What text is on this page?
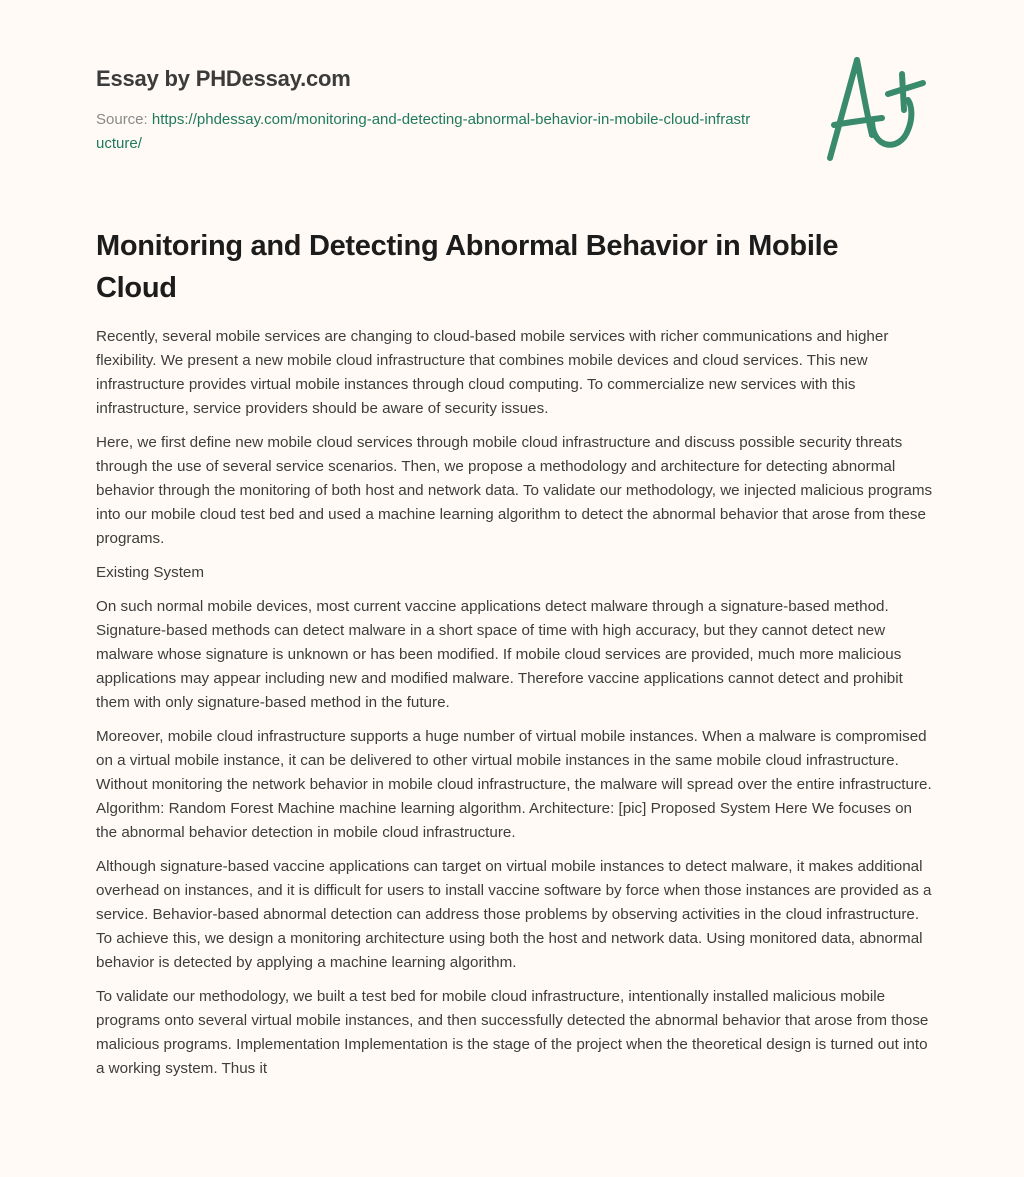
Essay by PHDessay.com
Source: https://phdessay.com/monitoring-and-detecting-abnormal-behavior-in-mobile-cloud-infrastructure/
Monitoring and Detecting Abnormal Behavior in Mobile Cloud

Recently, several mobile services are changing to cloud-based mobile services with richer communications and higher flexibility. We present a new mobile cloud infrastructure that combines mobile devices and cloud services. This new infrastructure provides virtual mobile instances through cloud computing. To commercialize new services with this infrastructure, service providers should be aware of security issues.

Here, we first define new mobile cloud services through mobile cloud infrastructure and discuss possible security threats through the use of several service scenarios. Then, we propose a methodology and architecture for detecting abnormal behavior through the monitoring of both host and network data. To validate our methodology, we injected malicious programs into our mobile cloud test bed and used a machine learning algorithm to detect the abnormal behavior that arose from these programs.

Existing System

On such normal mobile devices, most current vaccine applications detect malware through a signature-based method. Signature-based methods can detect malware in a short space of time with high accuracy, but they cannot detect new malware whose signature is unknown or has been modified. If mobile cloud services are provided, much more malicious applications may appear including new and modified malware. Therefore vaccine applications cannot detect and prohibit them with only signature-based method in the future.

Moreover, mobile cloud infrastructure supports a huge number of virtual mobile instances. When a malware is compromised on a virtual mobile instance, it can be delivered to other virtual mobile instances in the same mobile cloud infrastructure. Without monitoring the network behavior in mobile cloud infrastructure, the malware will spread over the entire infrastructure. Algorithm: Random Forest Machine machine learning algorithm. Architecture: [pic] Proposed System Here We focuses on the abnormal behavior detection in mobile cloud infrastructure.

Although signature-based vaccine applications can target on virtual mobile instances to detect malware, it makes additional overhead on instances, and it is difficult for users to install vaccine software by force when those instances are provided as a service. Behavior-based abnormal detection can address those problems by observing activities in the cloud infrastructure. To achieve this, we design a monitoring architecture using both the host and network data. Using monitored data, abnormal behavior is detected by applying a machine learning algorithm.

To validate our methodology, we built a test bed for mobile cloud infrastructure, intentionally installed malicious mobile programs onto several virtual mobile instances, and then successfully detected the abnormal behavior that arose from those malicious programs. Implementation Implementation is the stage of the project when the theoretical design is turned out into a working system. Thus it
